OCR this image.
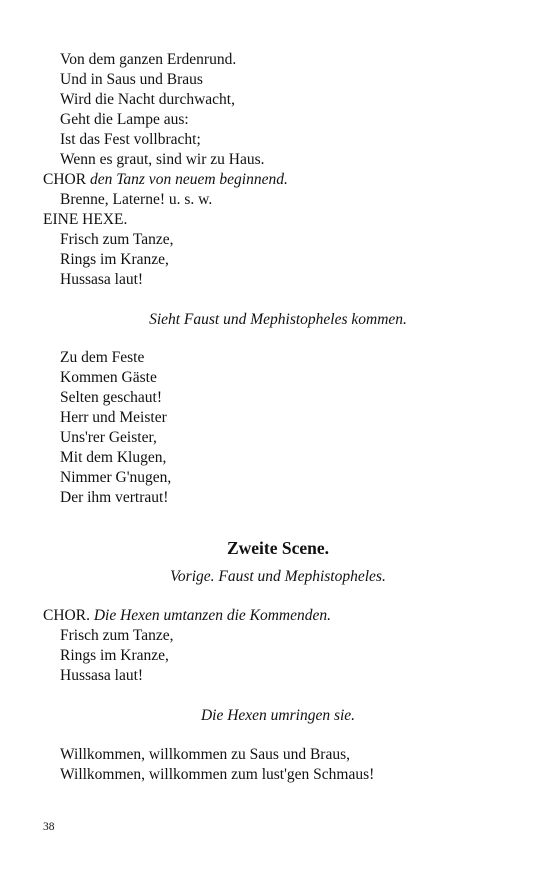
Von dem ganzen Erdenrund.
Und in Saus und Braus
Wird die Nacht durchwacht,
Geht die Lampe aus:
Ist das Fest vollbracht;
Wenn es graut, sind wir zu Haus.
CHOR den Tanz von neuem beginnend.
Brenne, Laterne! u. s. w.
EINE HEXE.
Frisch zum Tanze,
Rings im Kranze,
Hussasa laut!
Sieht Faust und Mephistopheles kommen.
Zu dem Feste
Kommen Gäste
Selten geschaut!
Herr und Meister
Uns'rer Geister,
Mit dem Klugen,
Nimmer G'nugen,
Der ihm vertraut!
Zweite Scene.
Vorige. Faust und Mephistopheles.
CHOR. Die Hexen umtanzen die Kommenden.
Frisch zum Tanze,
Rings im Kranze,
Hussasa laut!
Die Hexen umringen sie.
Willkommen, willkommen zu Saus und Braus,
Willkommen, willkommen zum lust'gen Schmaus!
38
